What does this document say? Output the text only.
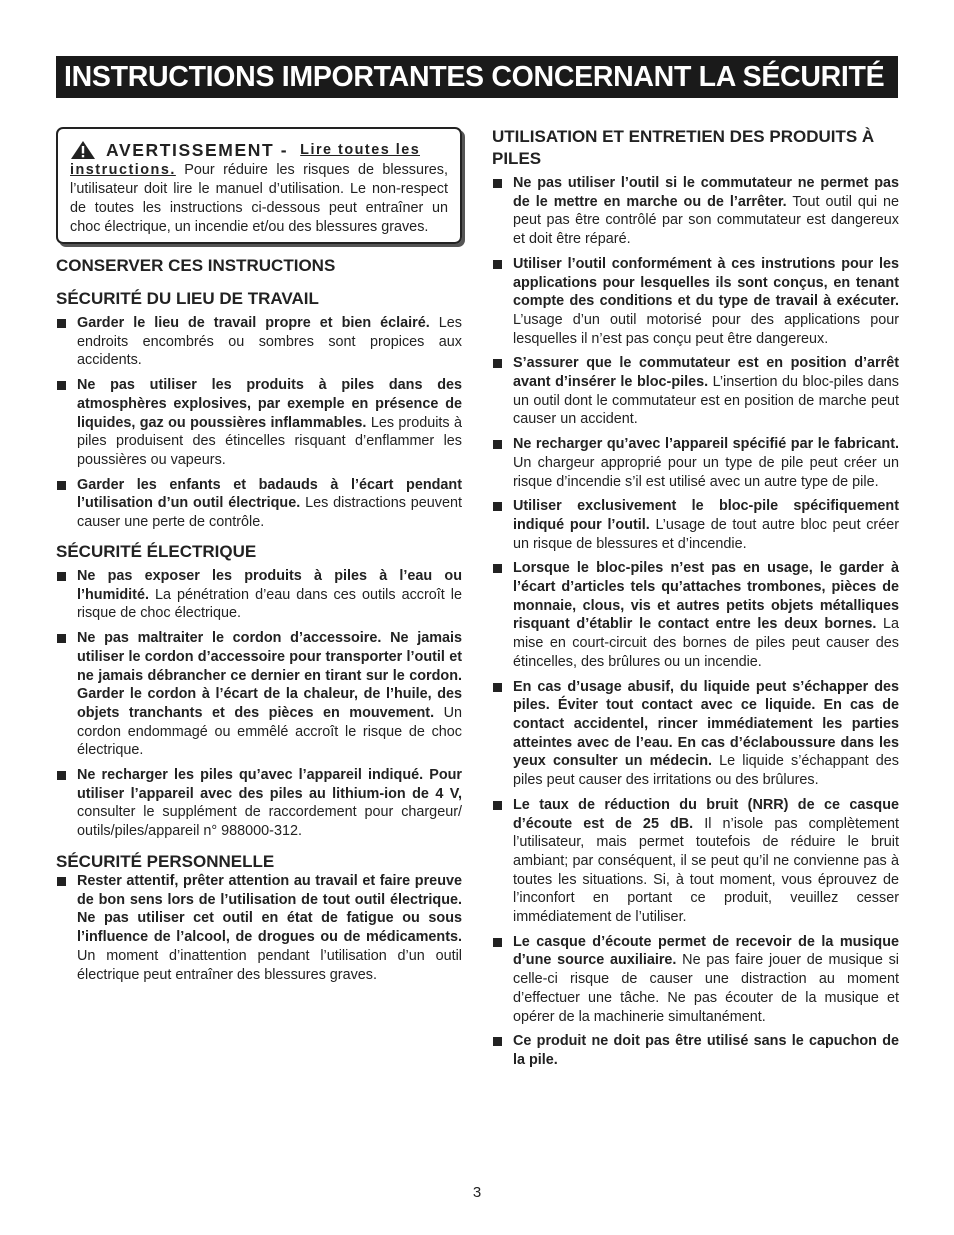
INSTRUCTIONS IMPORTANTES CONCERNANT LA SÉCURITÉ
AVERTISSEMENT - Lire toutes les
instructions. Pour réduire les risques de blessures, l’utilisateur doit lire le manuel d’utilisation. Le non-respect de toutes les instructions ci-dessous peut entraîner un choc électrique, un incendie et/ou des blessures graves.
CONSERVER CES INSTRUCTIONS
SÉCURITÉ DU LIEU DE TRAVAIL
Garder le lieu de travail propre et bien éclairé. Les endroits encombrés ou sombres sont propices aux accidents.
Ne pas utiliser les produits à piles dans des atmosphères explosives, par exemple en présence de liquides, gaz ou poussières inflammables. Les produits à piles produisent des étincelles risquant d’enflammer les poussières ou vapeurs.
Garder les enfants et badauds à l’écart pendant l’utilisation d’un outil électrique. Les distractions peuvent causer une perte de contrôle.
SÉCURITÉ ÉLECTRIQUE
Ne pas exposer les produits à piles à l’eau ou l’humidité. La pénétration d’eau dans ces outils accroît le risque de choc électrique.
Ne pas maltraiter le cordon d’accessoire. Ne jamais utiliser le cordon d’accessoire pour transporter l’outil et ne jamais débrancher ce dernier en tirant sur le cordon. Garder le cordon à l’écart de la chaleur, de l’huile, des objets tranchants et des pièces en mouvement. Un cordon endommagé ou emmêlé accroît le risque de choc électrique.
Ne recharger les piles qu’avec l’appareil indiqué. Pour utiliser l’appareil avec des piles au lithium-ion de 4 V, consulter le supplément de raccordement pour chargeur/ outils/piles/appareil n° 988000-312.
SÉCURITÉ PERSONNELLE
Rester attentif, prêter attention au travail et faire preuve de bon sens lors de l’utilisation de tout outil électrique. Ne pas utiliser cet outil en état de fatigue ou sous l’influence de l’alcool, de drogues ou de médicaments. Un moment d’inattention pendant l’utilisation d’un outil électrique peut entraîner des blessures graves.
UTILISATION ET ENTRETIEN DES PRODUITS À PILES
Ne pas utiliser l’outil si le commutateur ne permet pas de le mettre en marche ou de l’arrêter. Tout outil qui ne peut pas être contrôlé par son commutateur est dangereux et doit être réparé.
Utiliser l’outil conformément à ces instrutions pour les applications pour lesquelles ils sont conçus, en tenant compte des conditions et du type de travail à exécuter. L’usage d’un outil motorisé pour des applications pour lesquelles il n’est pas conçu peut être dangereux.
S’assurer que le commutateur est en position d’arrêt avant d’insérer le bloc-piles. L’insertion du bloc-piles dans un outil dont le commutateur est en position de marche peut causer un accident.
Ne recharger qu’avec l’appareil spécifié par le fabricant. Un chargeur approprié pour un type de pile peut créer un risque d’incendie s’il est utilisé avec un autre type de pile.
Utiliser exclusivement le bloc-pile spécifiquement indiqué pour l’outil. L’usage de tout autre bloc peut créer un risque de blessures et d’incendie.
Lorsque le bloc-piles n’est pas en usage, le garder à l’écart d’articles tels qu’attaches trombones, pièces de monnaie, clous, vis et autres petits objets métalliques risquant d’établir le contact entre les deux bornes. La mise en court-circuit des bornes de piles peut causer des étincelles, des brûlures ou un incendie.
En cas d’usage abusif, du liquide peut s’échapper des piles. Éviter tout contact avec ce liquide. En cas de contact accidentel, rincer immédiatement les parties atteintes avec de l’eau. En cas d’éclaboussure dans les yeux consulter un médecin. Le liquide s’échappant des piles peut causer des irritations ou des brûlures.
Le taux de réduction du bruit (NRR) de ce casque d’écoute est de 25 dB. Il n’isole pas complètement l’utilisateur, mais permet toutefois de réduire le bruit ambiant; par conséquent, il se peut qu’il ne convienne pas à toutes les situations. Si, à tout moment, vous éprouvez de l’inconfort en portant ce produit, veuillez cesser immédiatement de l’utiliser.
Le casque d’écoute permet de recevoir de la musique d’une source auxiliaire. Ne pas faire jouer de musique si celle-ci risque de causer une distraction au moment d’effectuer une tâche. Ne pas écouter de la musique et opérer de la machinerie simultanément.
Ce produit ne doit pas être utilisé sans le capuchon de la pile.
3
